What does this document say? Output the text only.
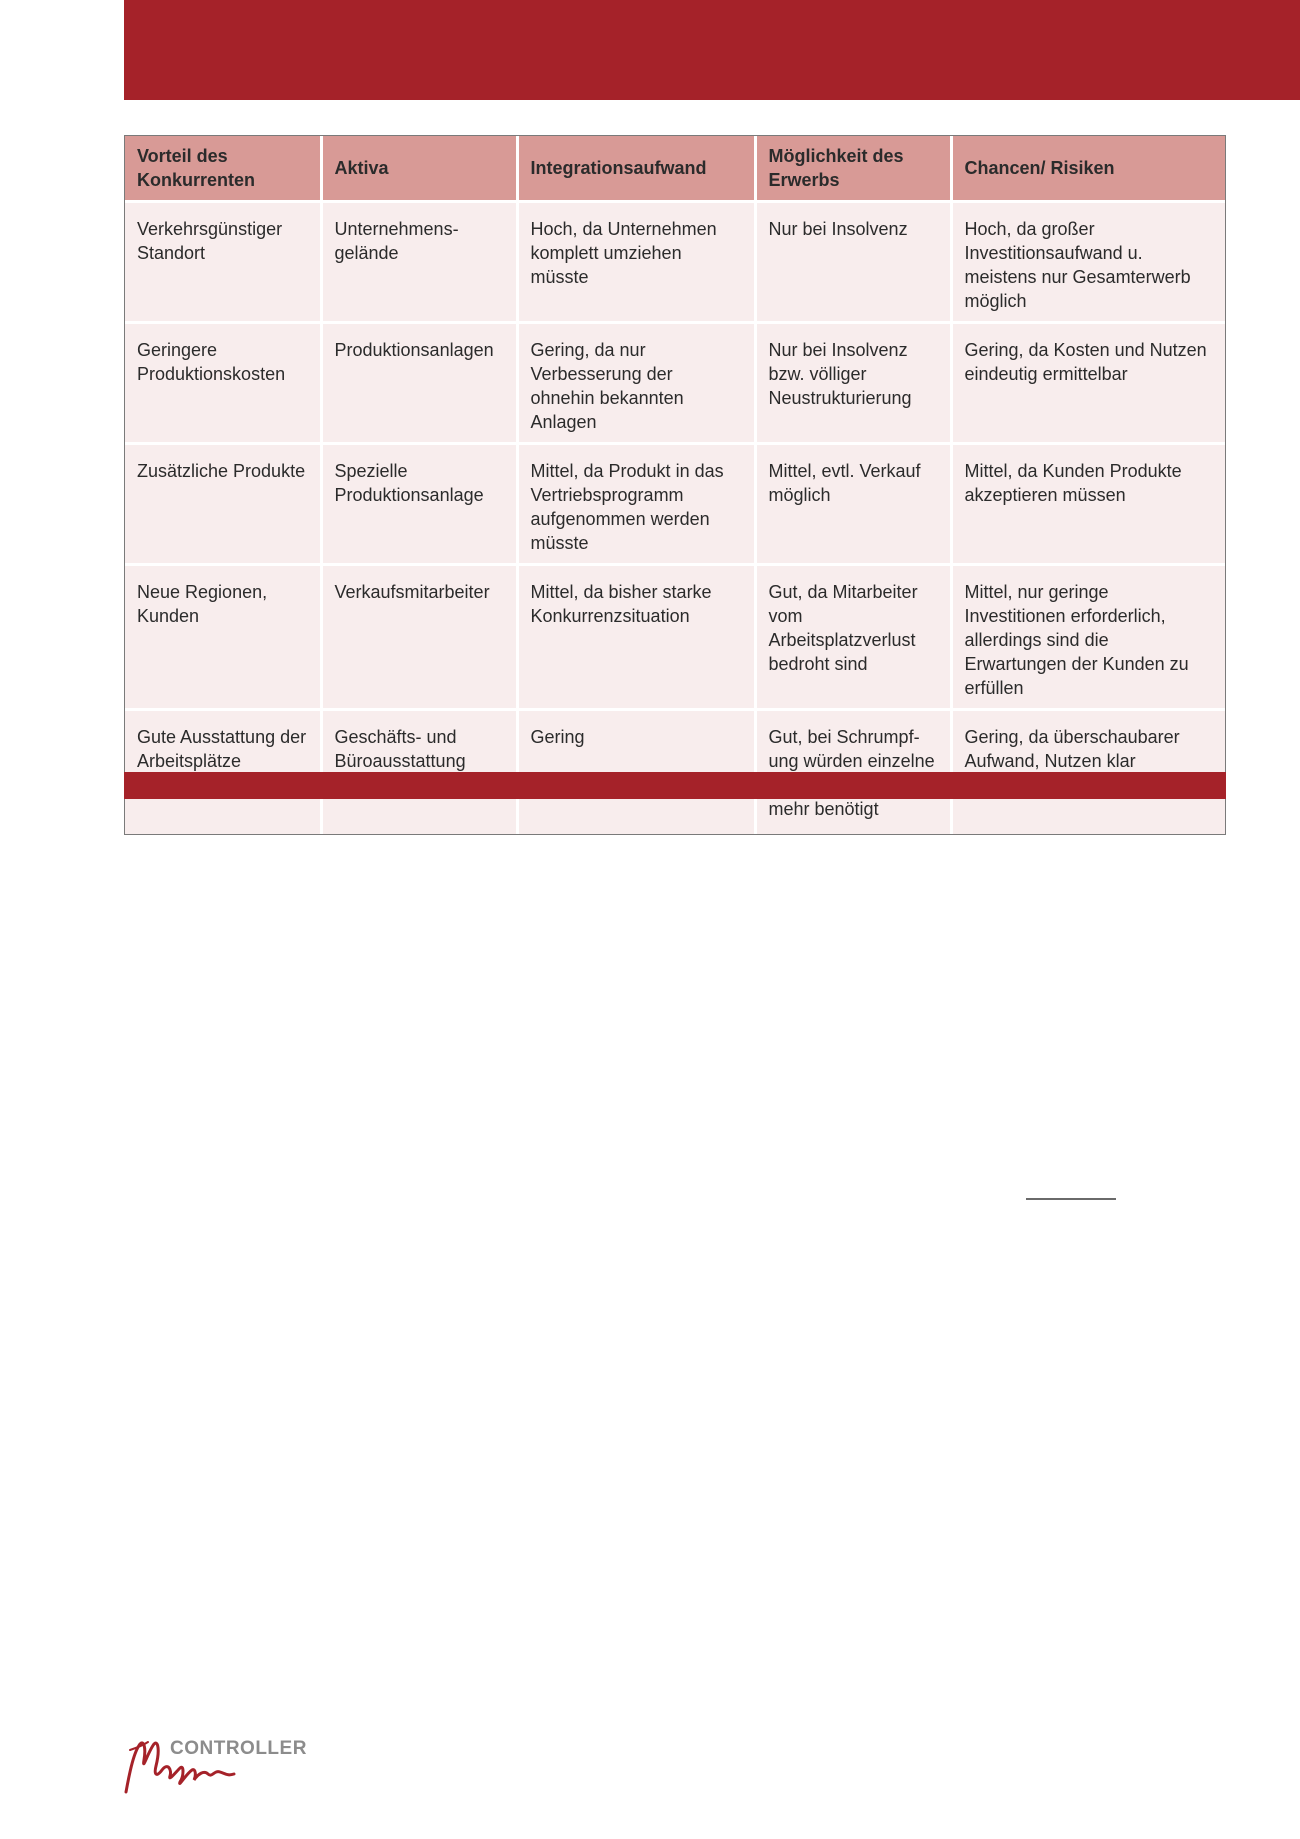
Vorteil des Konkurrenten	Aktiva	Integrationsaufwand	Möglichkeit des Erwerbs	Chancen/ Risiken
Verkehrsgünstiger Standort	Unternehmens-gelände	Hoch, da Unternehmen komplett umziehen müsste	Nur bei Insolvenz	Hoch, da großer Investitionsaufwand u. meistens nur Gesamterwerb möglich
Geringere Produktionskosten	Produktionsanlagen	Gering, da nur Verbesserung der ohnehin bekannten Anlagen	Nur bei Insolvenz bzw. völliger Neustrukturierung	Gering, da Kosten und Nutzen eindeutig ermittelbar
Zusätzliche Produkte	Spezielle Produktionsanlage	Mittel, da Produkt in das Vertriebsprogramm aufgenommen werden müsste	Mittel, evtl. Verkauf möglich	Mittel, da Kunden Produkte akzeptieren müssen
Neue Regionen, Kunden	Verkaufsmitarbeiter	Mittel, da bisher starke Konkurrenzsituation	Gut, da Mitarbeiter vom Arbeitsplatzverlust bedroht sind	Mittel, nur geringe Investitionen erforderlich, allerdings sind die Erwartungen der Kunden zu erfüllen
Gute Ausstattung der Arbeitsplätze	Geschäfts- und Büroausstattung	Gering	Gut, bei Schrumpf-ung würden einzelne mehr benötigt	Gering, da überschaubarer Aufwand, Nutzen klar
CONTROLLER
